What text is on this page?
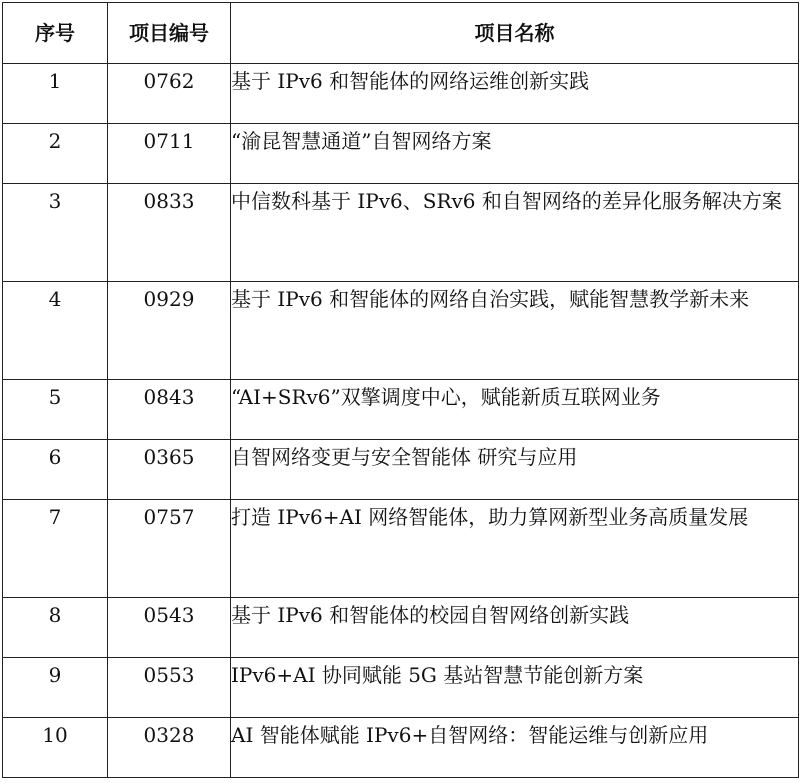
序号	项目编号	项目名称
1	0762	基于 IPv6 和智能体的网络运维创新实践
2	0711	“渝昆智慧通道”自智网络方案
3	0833	中信数科基于 IPv6、SRv6 和自智网络的差异化服务解决方案
4	0929	基于 IPv6 和智能体的网络自治实践，赋能智慧教学新未来
5	0843	“AI+SRv6”双擎调度中心，赋能新质互联网业务
6	0365	自智网络变更与安全智能体 研究与应用
7	0757	打造 IPv6+AI 网络智能体，助力算网新型业务高质量发展
8	0543	基于 IPv6 和智能体的校园自智网络创新实践
9	0553	IPv6+AI 协同赋能 5G 基站智慧节能创新方案
10	0328	AI 智能体赋能 IPv6+自智网络：智能运维与创新应用
